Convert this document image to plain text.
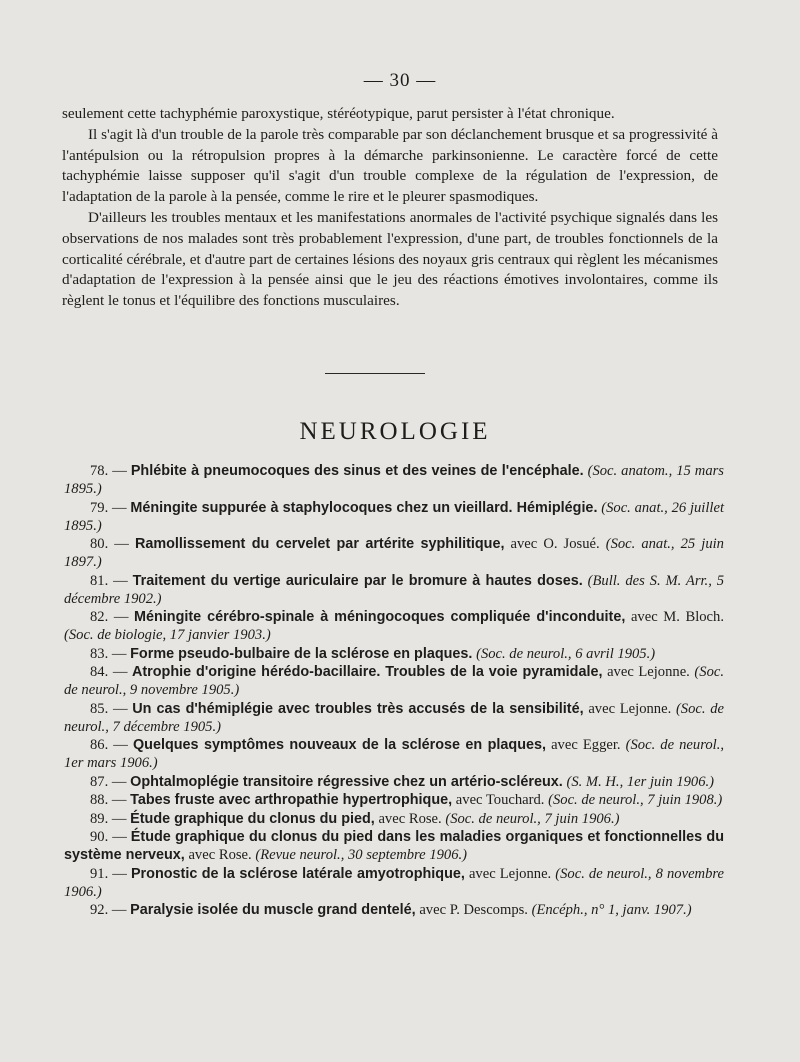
— 30 —

seulement cette tachyphémie paroxystique, stéréotypique, parut persister à l'état chronique.

Il s'agit là d'un trouble de la parole très comparable par son déclanchement brusque et sa progressivité à l'antépulsion ou la rétropulsion propres à la démarche parkinsonienne. Le caractère forcé de cette tachyphémie laisse supposer qu'il s'agit d'un trouble complexe de la régulation de l'expression, de l'adaptation de la parole à la pensée, comme le rire et le pleurer spasmodiques.

D'ailleurs les troubles mentaux et les manifestations anormales de l'activité psychique signalés dans les observations de nos malades sont très probablement l'expression, d'une part, de troubles fonctionnels de la corticalité cérébrale, et d'autre part de certaines lésions des noyaux gris centraux qui règlent les mécanismes d'adaptation de l'expression à la pensée ainsi que le jeu des réactions émotives involontaires, comme ils règlent le tonus et l'équilibre des fonctions musculaires.

NEUROLOGIE

78. — Phlébite à pneumocoques des sinus et des veines de l'encéphale. (Soc. anatom., 15 mars 1895.)

79. — Méningite suppurée à staphylocoques chez un vieillard. Hémiplégie. (Soc. anat., 26 juillet 1895.)

80. — Ramollissement du cervelet par artérite syphilitique, avec O. Josué. (Soc. anat., 25 juin 1897.)

81. — Traitement du vertige auriculaire par le bromure à hautes doses. (Bull. des S. M. Arr., 5 décembre 1902.)

82. — Méningite cérébro-spinale à méningocoques compliquée d'inconduite, avec M. Bloch. (Soc. de biologie, 17 janvier 1903.)

83. — Forme pseudo-bulbaire de la sclérose en plaques. (Soc. de neurol., 6 avril 1905.)

84. — Atrophie d'origine hérédo-bacillaire. Troubles de la voie pyramidale, avec Lejonne. (Soc. de neurol., 9 novembre 1905.)

85. — Un cas d'hémiplégie avec troubles très accusés de la sensibilité, avec Lejonne. (Soc. de neurol., 7 décembre 1905.)

86. — Quelques symptômes nouveaux de la sclérose en plaques, avec Egger. (Soc. de neurol., 1er mars 1906.)

87. — Ophtalmoplégie transitoire régressive chez un artério-scléreux. (S. M. H., 1er juin 1906.)

88. — Tabes fruste avec arthropathie hypertrophique, avec Touchard. (Soc. de neurol., 7 juin 1908.)

89. — Étude graphique du clonus du pied, avec Rose. (Soc. de neurol., 7 juin 1906.)

90. — Étude graphique du clonus du pied dans les maladies organiques et fonctionnelles du système nerveux, avec Rose. (Revue neurol., 30 septembre 1906.)

91. — Pronostic de la sclérose latérale amyotrophique, avec Lejonne. (Soc. de neurol., 8 novembre 1906.)

92. — Paralysie isolée du muscle grand dentelé, avec P. Descomps. (Encéph., n° 1, janv. 1907.)
